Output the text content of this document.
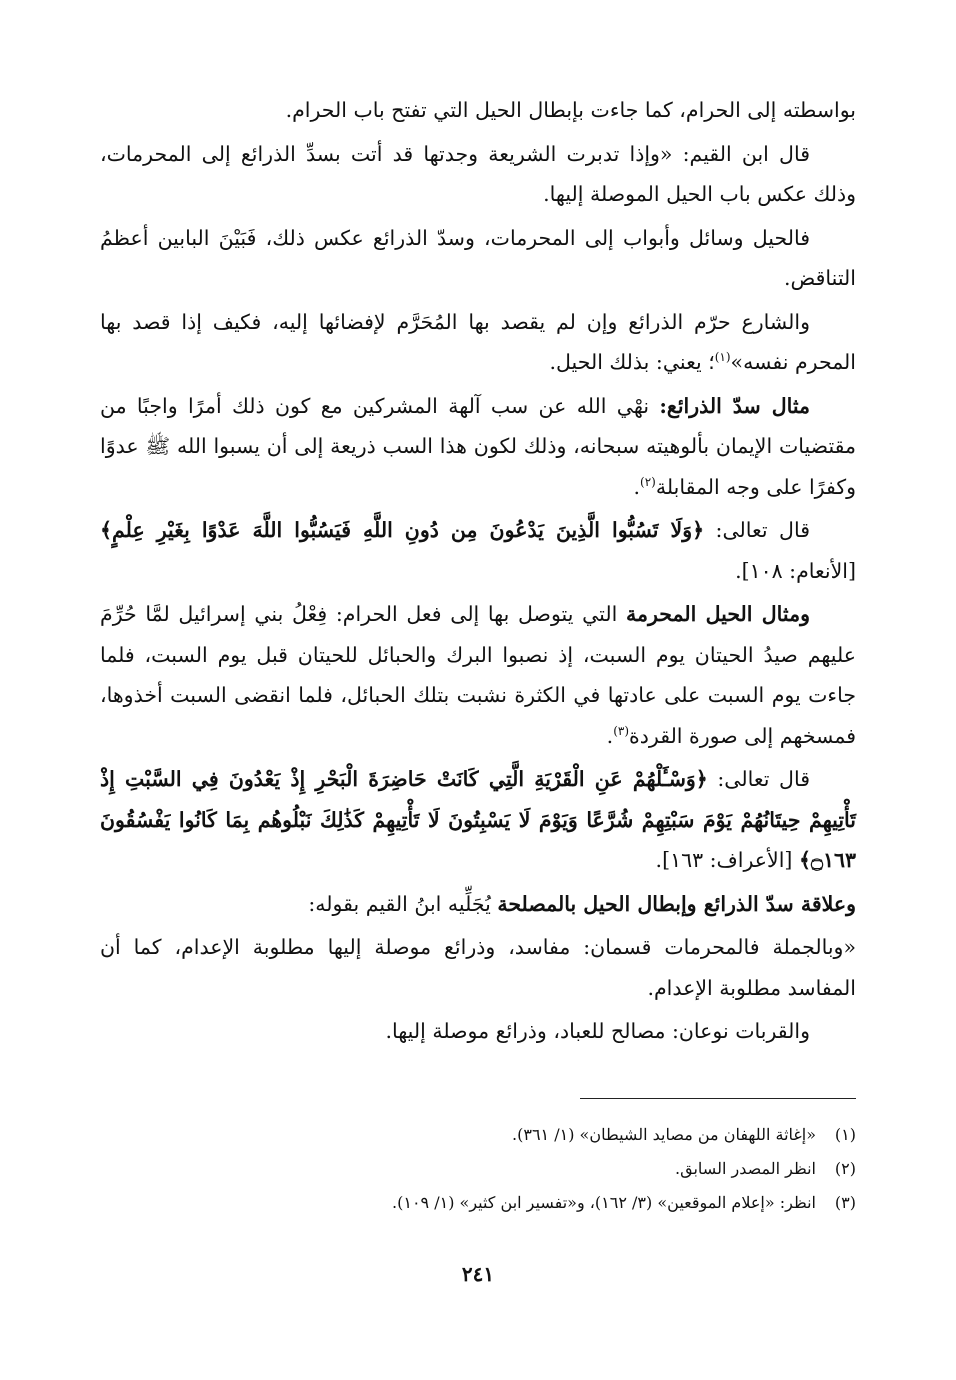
بواسطته إلى الحرام، كما جاءت بإبطال الحيل التي تفتح باب الحرام.

قال ابن القيم: «وإذا تدبرت الشريعة وجدتها قد أتت بسدِّ الذرائع إلى المحرمات، وذلك عكس باب الحيل الموصلة إليها.

فالحيل وسائل وأبواب إلى المحرمات، وسدّ الذرائع عكس ذلك، فَبَيْنَ البابين أعظمُ التناقض.

والشارع حرّم الذرائع وإن لم يقصد بها المُحَرَّم لإفضائها إليه، فكيف إذا قصد بها المحرم نفسه»$^{(١)}$؛ يعني: بذلك الحيل.

مثال سدّ الذرائع: نهْي الله عن سب آلهة المشركين مع كون ذلك أمرًا واجبًا من مقتضيات الإيمان بألوهيته سبحانه، وذلك لكون هذا السب ذريعة إلى أن يسبوا الله ﷺ عدوًا وكفرًا على وجه المقابلة$^{(٢)}$.

قال تعالى: ﴿وَلَا تَسُبُّوا الَّذِينَ يَدْعُونَ مِن دُونِ اللَّهِ فَيَسُبُّوا اللَّهَ عَدْوًا بِغَيْرِ عِلْمٍ﴾ [الأنعام: ١٠٨].

ومثال الحيل المحرمة التي يتوصل بها إلى فعل الحرام: فِعْلُ بني إسرائيل لمَّا حُرِّمَ عليهم صيدُ الحيتان يوم السبت، إذ نصبوا البرك والحبائل للحيتان قبل يوم السبت، فلما جاءت يوم السبت على عادتها في الكثرة نشبت بتلك الحبائل، فلما انقضى السبت أخذوها، فمسخهم إلى صورة القردة$^{(٣)}$.

قال تعالى: ﴿وَسْـَٔلْهُمْ عَنِ الْقَرْيَةِ الَّتِي كَانَتْ حَاضِرَةَ الْبَحْرِ إِذْ يَعْدُونَ فِي السَّبْتِ إِذْ تَأْتِيهِمْ حِيتَانُهُمْ يَوْمَ سَبْتِهِمْ شُرَّعًا وَيَوْمَ لَا يَسْبِتُونَ لَا تَأْتِيهِمْ كَذَٰلِكَ نَبْلُوهُم بِمَا كَانُوا يَفْسُقُونَ ۝١٦٣﴾ [الأعراف: ١٦٣].

وعلاقة سدّ الذرائع وإبطال الحيل بالمصلحة يُجَلِّيه ابنُ القيم بقوله:

«وبالجملة فالمحرمات قسمان: مفاسد، وذرائع موصلة إليها مطلوبة الإعدام، كما أن المفاسد مطلوبة الإعدام.

والقربات نوعان: مصالح للعباد، وذرائع موصلة إليها.

(١)«إغاثة اللهفان من مصايد الشيطان» (١/ ٣٦١).

(٢)انظر المصدر السابق.

(٣)انظر: «إعلام الموقعين» (٣/ ١٦٢)، و«تفسير ابن كثير» (١/ ١٠٩).

٢٤١
